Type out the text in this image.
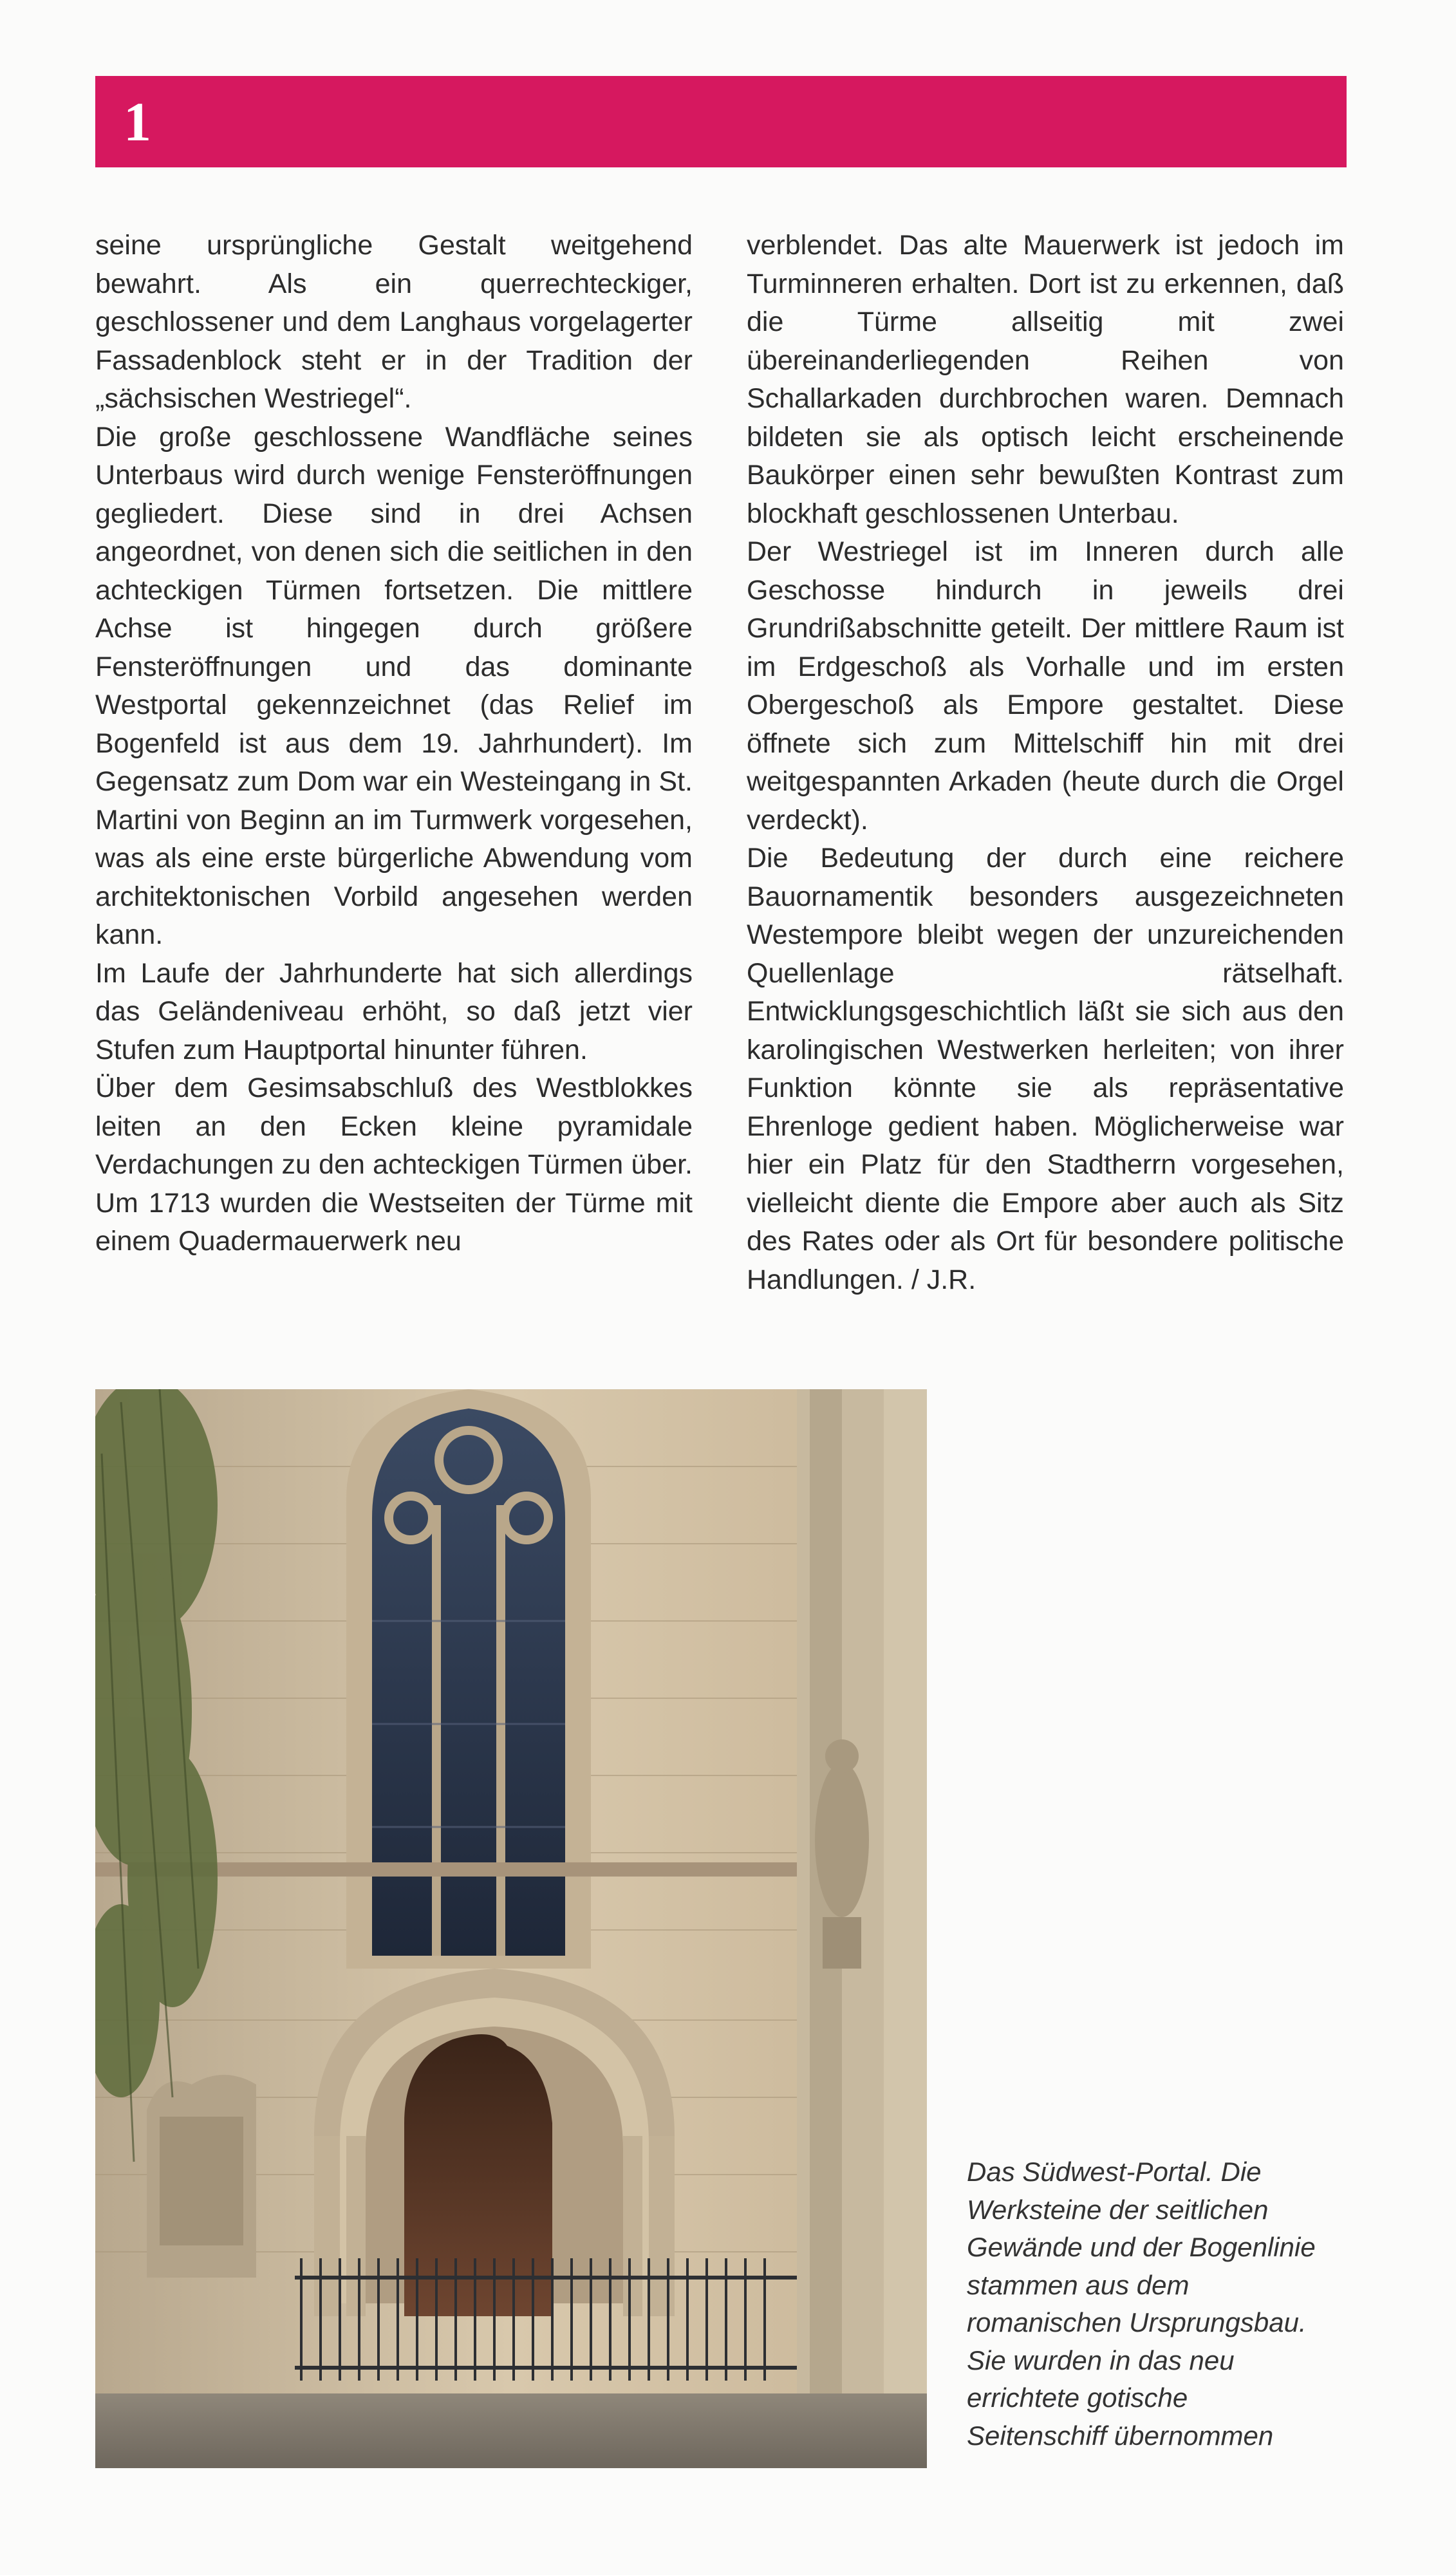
1

seine ursprüngliche Gestalt weitgehend bewahrt. Als ein querrechteckiger, geschlossener und dem Langhaus vorgelagerter Fassadenblock steht er in der Tradition der „sächsischen Westriegel“.

Die große geschlossene Wandfläche seines Unterbaus wird durch wenige Fensteröffnungen gegliedert. Diese sind in drei Achsen angeordnet, von denen sich die seitlichen in den achteckigen Türmen fortsetzen. Die mittlere Achse ist hingegen durch größere Fensteröffnungen und das dominante Westportal gekennzeichnet (das Relief im Bogenfeld ist aus dem 19. Jahrhundert). Im Gegensatz zum Dom war ein Westeingang in St. Martini von Beginn an im Turmwerk vorgesehen, was als eine erste bürgerliche Abwendung vom architektonischen Vorbild angesehen werden kann.

Im Laufe der Jahrhunderte hat sich allerdings das Geländeniveau erhöht, so daß jetzt vier Stufen zum Hauptportal hinunter führen.

Über dem Gesimsabschluß des Westblokkes leiten an den Ecken kleine pyramidale Verdachungen zu den achteckigen Türmen über. Um 1713 wurden die Westseiten der Türme mit einem Quadermauerwerk neu

verblendet. Das alte Mauerwerk ist jedoch im Turminneren erhalten. Dort ist zu erkennen, daß die Türme allseitig mit zwei übereinanderliegenden Reihen von Schallarkaden durchbrochen waren. Demnach bildeten sie als optisch leicht erscheinende Baukörper einen sehr bewußten Kontrast zum blockhaft geschlossenen Unterbau.

Der Westriegel ist im Inneren durch alle Geschosse hindurch in jeweils drei Grundrißabschnitte geteilt. Der mittlere Raum ist im Erdgeschoß als Vorhalle und im ersten Obergeschoß als Empore gestaltet. Diese öffnete sich zum Mittelschiff hin mit drei weitgespannten Arkaden (heute durch die Orgel verdeckt).

Die Bedeutung der durch eine reichere Bauornamentik besonders ausgezeichneten Westempore bleibt wegen der unzureichenden Quellenlage rätselhaft. Entwicklungsgeschichtlich läßt sie sich aus den karolingischen Westwerken herleiten; von ihrer Funktion könnte sie als repräsentative Ehrenloge gedient haben. Möglicherweise war hier ein Platz für den Stadtherrn vorgesehen, vielleicht diente die Empore aber auch als Sitz des Rates oder als Ort für besondere politische Handlungen. / J.R.

Das Südwest-Portal. Die Werksteine der seitlichen Gewände und der Bogenlinie stammen aus dem romanischen Ursprungsbau. Sie wurden in das neu errichtete gotische Seitenschiff übernommen
